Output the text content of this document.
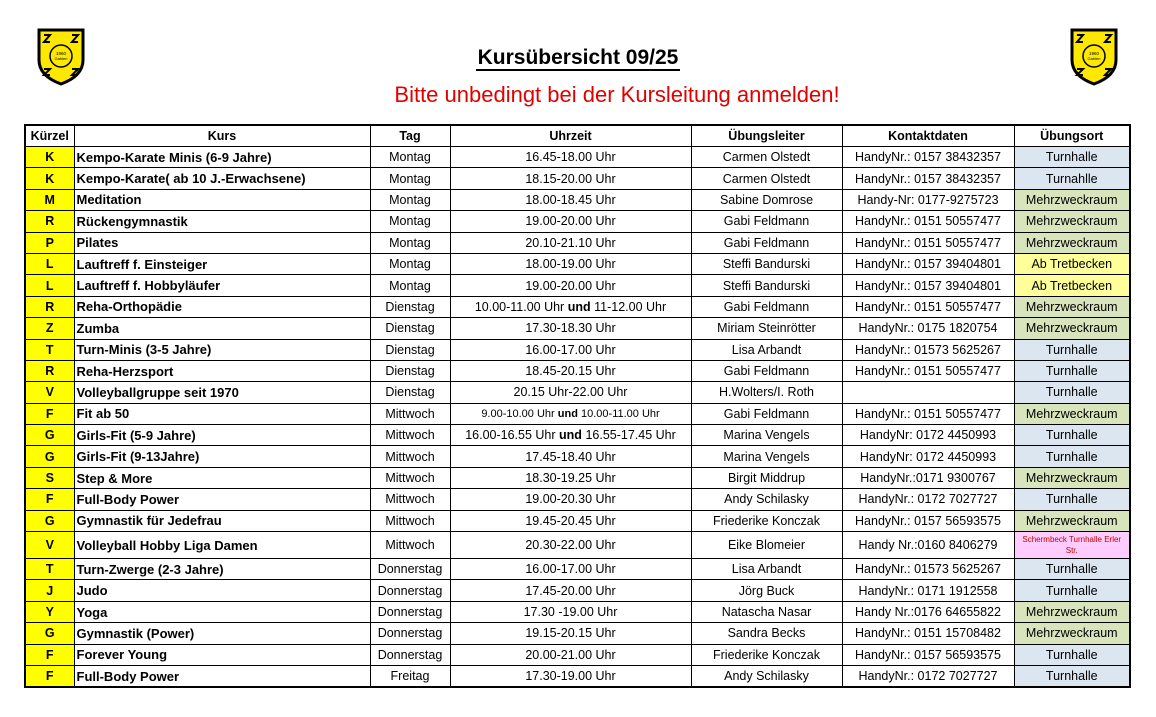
1960
Gahlen
1960
Gahlen
Kursübersicht 09/25
Bitte unbedingt bei der Kursleitung anmelden!
Kürzel	Kurs	Tag	Uhrzeit	Übungsleiter	Kontaktdaten	Übungsort
K	Kempo-Karate Minis (6-9 Jahre)	Montag	16.45-18.00 Uhr	Carmen Olstedt	HandyNr.: 0157 38432357	Turnhalle
K	Kempo-Karate( ab 10 J.-Erwachsene)	Montag	18.15-20.00 Uhr	Carmen Olstedt	HandyNr.: 0157 38432357	Turnahlle
M	Meditation	Montag	18.00-18.45 Uhr	Sabine Domrose	Handy-Nr: 0177-9275723	Mehrzweckraum
R	Rückengymnastik	Montag	19.00-20.00 Uhr	Gabi Feldmann	HandyNr.: 0151 50557477	Mehrzweckraum
P	Pilates	Montag	20.10-21.10 Uhr	Gabi Feldmann	HandyNr.: 0151 50557477	Mehrzweckraum
L	Lauftreff f. Einsteiger	Montag	18.00-19.00 Uhr	Steffi Bandurski	HandyNr.: 0157 39404801	Ab Tretbecken
L	Lauftreff f. Hobbyläufer	Montag	19.00-20.00 Uhr	Steffi Bandurski	HandyNr.: 0157 39404801	Ab Tretbecken
R	Reha-Orthopädie	Dienstag	10.00-11.00 Uhr und 11-12.00 Uhr	Gabi Feldmann	HandyNr.: 0151 50557477	Mehrzweckraum
Z	Zumba	Dienstag	17.30-18.30 Uhr	Miriam Steinrötter	HandyNr.: 0175 1820754	Mehrzweckraum
T	Turn-Minis (3-5 Jahre)	Dienstag	16.00-17.00 Uhr	Lisa Arbandt	HandyNr.: 01573 5625267	Turnhalle
R	Reha-Herzsport	Dienstag	18.45-20.15 Uhr	Gabi Feldmann	HandyNr.: 0151 50557477	Turnhalle
V	Volleyballgruppe seit 1970	Dienstag	20.15 Uhr-22.00 Uhr	H.Wolters/I. Roth		Turnhalle
F	Fit ab 50	Mittwoch	9.00-10.00 Uhr und 10.00-11.00 Uhr	Gabi Feldmann	HandyNr.: 0151 50557477	Mehrzweckraum
G	Girls-Fit (5-9 Jahre)	Mittwoch	16.00-16.55 Uhr und 16.55-17.45 Uhr	Marina Vengels	HandyNr: 0172 4450993	Turnhalle
G	Girls-Fit (9-13Jahre)	Mittwoch	17.45-18.40 Uhr	Marina Vengels	HandyNr: 0172 4450993	Turnhalle
S	Step & More	Mittwoch	18.30-19.25 Uhr	Birgit Middrup	HandyNr.:0171 9300767	Mehrzweckraum
F	Full-Body Power	Mittwoch	19.00-20.30 Uhr	Andy Schilasky	HandyNr.: 0172 7027727	Turnhalle
G	Gymnastik für Jedefrau	Mittwoch	19.45-20.45 Uhr	Friederike Konczak	HandyNr.: 0157 56593575	Mehrzweckraum
V	Volleyball Hobby Liga Damen	Mittwoch	20.30-22.00 Uhr	Eike Blomeier	Handy Nr.:0160 8406279	Schermbeck Turnhalle Erler Str.
T	Turn-Zwerge (2-3 Jahre)	Donnerstag	16.00-17.00 Uhr	Lisa Arbandt	HandyNr.: 01573 5625267	Turnhalle
J	Judo	Donnerstag	17.45-20.00 Uhr	Jörg Buck	HandyNr.: 0171 1912558	Turnhalle
Y	Yoga	Donnerstag	17.30 -19.00 Uhr	Natascha Nasar	Handy Nr.:0176 64655822	Mehrzweckraum
G	Gymnastik (Power)	Donnerstag	19.15-20.15 Uhr	Sandra Becks	HandyNr.: 0151 15708482	Mehrzweckraum
F	Forever Young	Donnerstag	20.00-21.00 Uhr	Friederike Konczak	HandyNr.: 0157 56593575	Turnhalle
F	Full-Body Power	Freitag	17.30-19.00 Uhr	Andy Schilasky	HandyNr.: 0172 7027727	Turnhalle
